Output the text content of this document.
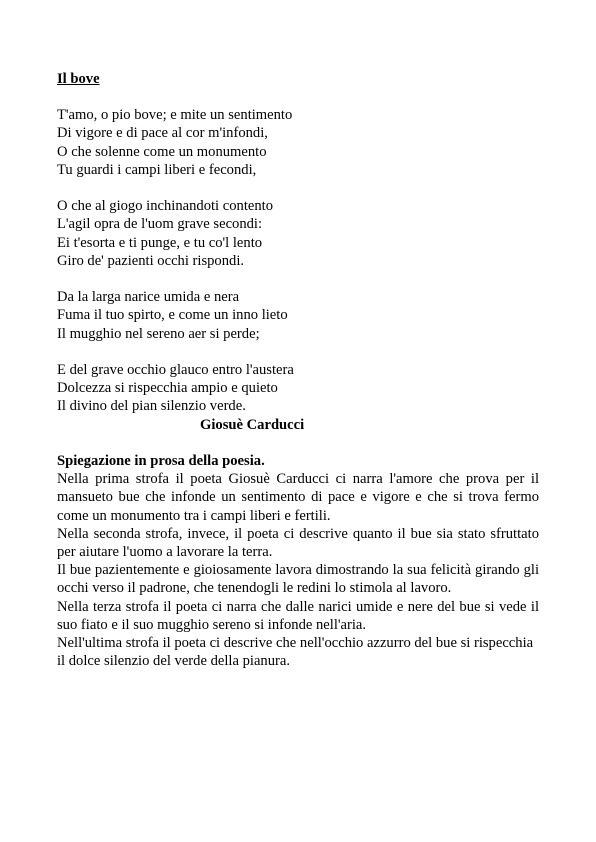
Il bove
T'amo, o pio bove; e mite un sentimento
Di vigore e di pace al cor m'infondi,
O che solenne come un monumento
Tu guardi i campi liberi e fecondi,
O che al giogo inchinandoti contento
L'agil opra de l'uom grave secondi:
Ei t'esorta e ti punge, e tu co'l lento
Giro de' pazienti occhi rispondi.
Da la larga narice umida e nera
Fuma il tuo spirto, e come un inno lieto
Il mugghio nel sereno aer si perde;
E del grave occhio glauco entro l'austera
Dolcezza si rispecchia ampio e quieto
Il divino del pian silenzio verde.
Giosuè Carducci
Spiegazione in prosa della poesia.
Nella prima strofa il poeta Giosuè Carducci ci narra l'amore che prova per il mansueto bue che infonde un sentimento di pace e vigore e che si trova fermo come un monumento tra i campi liberi e fertili.
Nella seconda strofa, invece, il poeta ci descrive quanto il bue sia stato sfruttato per aiutare l'uomo a lavorare la terra.
Il bue pazientemente e gioiosamente lavora dimostrando la sua felicità girando gli occhi verso il padrone, che tenendogli le redini lo stimola al lavoro.
Nella terza strofa il poeta ci narra che dalle narici umide e nere del bue si vede il suo fiato e il suo mugghio sereno si infonde nell'aria.
Nell'ultima strofa il poeta ci descrive che nell'occhio azzurro del bue si rispecchia il dolce silenzio del verde della pianura.
